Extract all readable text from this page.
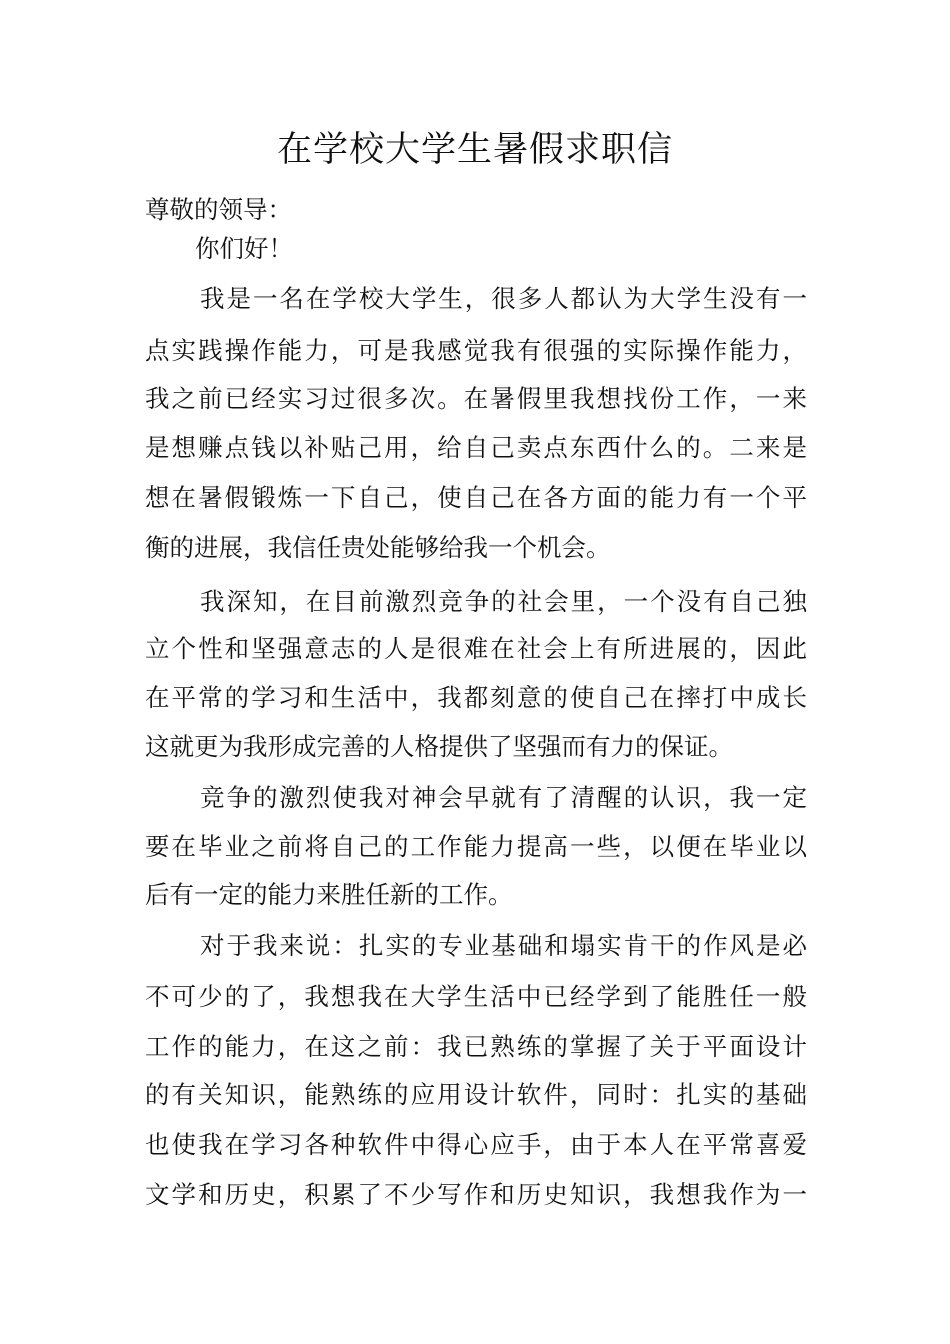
在学校大学生暑假求职信
尊敬的领导：
你们好！
我是一名在学校大学生，很多人都认为大学生没有一
点实践操作能力，可是我感觉我有很强的实际操作能力，
我之前已经实习过很多次。在暑假里我想找份工作，一来
是想赚点钱以补贴己用，给自己卖点东西什么的。二来是
想在暑假锻炼一下自己，使自己在各方面的能力有一个平
衡的进展，我信任贵处能够给我一个机会。
我深知，在目前激烈竞争的社会里，一个没有自己独
立个性和坚强意志的人是很难在社会上有所进展的，因此
在平常的学习和生活中，我都刻意的使自己在摔打中成长
这就更为我形成完善的人格提供了坚强而有力的保证。
竞争的激烈使我对神会早就有了清醒的认识，我一定
要在毕业之前将自己的工作能力提高一些，以便在毕业以
后有一定的能力来胜任新的工作。
对于我来说：扎实的专业基础和塌实肯干的作风是必
不可少的了，我想我在大学生活中已经学到了能胜任一般
工作的能力，在这之前：我已熟练的掌握了关于平面设计
的有关知识，能熟练的应用设计软件，同时：扎实的基础
也使我在学习各种软件中得心应手，由于本人在平常喜爱
文学和历史，积累了不少写作和历史知识，我想我作为一
